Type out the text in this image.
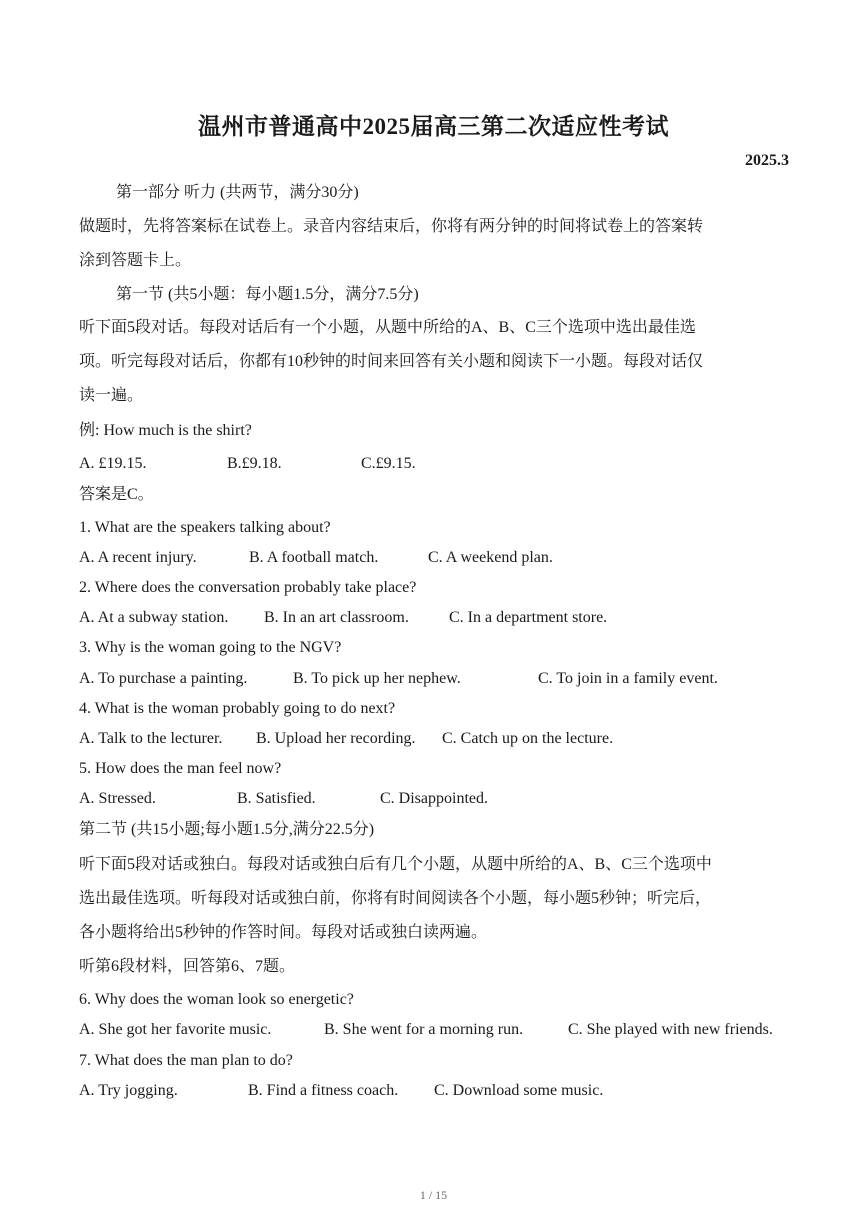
温州市普通高中2025届高三第二次适应性考试
2025.3
第一部分 听力 (共两节，满分30分)
做题时，先将答案标在试卷上。录音内容结束后，你将有两分钟的时间将试卷上的答案转
涂到答题卡上。
第一节 (共5小题：每小题1.5分，满分7.5分)
听下面5段对话。每段对话后有一个小题，从题中所给的A、B、C三个选项中选出最佳选
项。听完每段对话后，你都有10秒钟的时间来回答有关小题和阅读下一小题。每段对话仅
读一遍。
例: How much is the shirt?
A. £19.15.	B.£9.18.	C.£9.15.
答案是C。
1. What are the speakers talking about?
A. A recent injury.	B. A football match.	C. A weekend plan.
2. Where does the conversation probably take place?
A. At a subway station. B. In an art classroom.	C. In a department store.
3. Why is the woman going to the NGV?
A. To purchase a painting.	B. To pick up her nephew.	C. To join in a family event.
4. What is the woman probably going to do next?
A. Talk to the lecturer. B. Upload her recording. C. Catch up on the lecture.
5. How does the man feel now?
A. Stressed.	B. Satisfied.	C. Disappointed.
第二节 (共15小题;每小题1.5分,满分22.5分)
听下面5段对话或独白。每段对话或独白后有几个小题，从题中所给的A、B、C三个选项中
选出最佳选项。听每段对话或独白前，你将有时间阅读各个小题，每小题5秒钟；听完后，
各小题将给出5秒钟的作答时间。每段对话或独白读两遍。
听第6段材料，回答第6、7题。
6. Why does the woman look so energetic?
A. She got her favorite music.	B. She went for a morning run.	C. She played with new friends.
7. What does the man plan to do?
A. Try jogging.	B. Find a fitness coach. C. Download some music.
1 / 15
